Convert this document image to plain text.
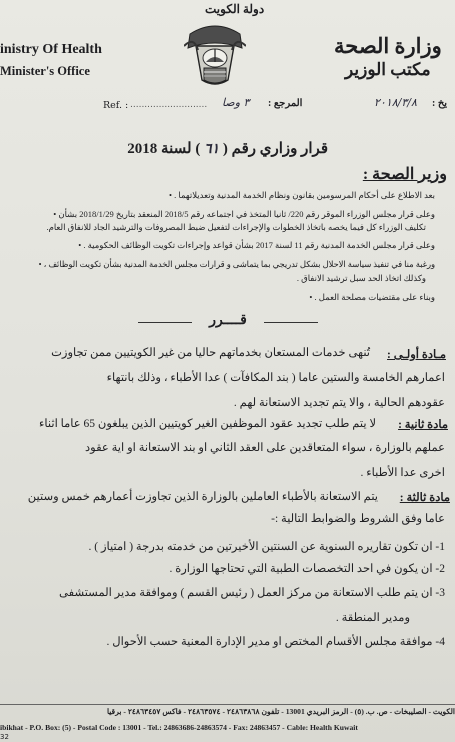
دولة الكويت
inistry Of Health
Minister's Office
وزارة الصحة
مكتب الوزير
Ref. : ...........................	المرجع :
٣ وصا	يخ :
٢٠١٨/٣/٨
قرار وزاري رقم ( ٦١ ) لسنة 2018
وزير الصحة :
بعد الاطلاع على أحكام المرسومين بقانون ونظام الخدمة المدنية وتعديلاتهما . •
وعلى قرار مجلس الوزراء الموقر رقم 220/ ثانيا المتخذ في اجتماعه رقم 2018/5 المنعقد بتاريخ 2018/1/29 بشأن •
تكليف الوزراء كل فيما يخصه باتخاذ الخطوات والإجراءات لتفعيل ضبط المصروفات والترشيد الجاد للانفاق العام.
وعلى قرار مجلس الخدمة المدنية رقم 11 لسنة 2017 بشأن قواعد وإجراءات تكويت الوظائف الحكومية . •
ورغبة منا في تنفيذ سياسة الاحلال بشكل تدريجي بما يتماشى و قرارات مجلس الخدمة المدنية بشأن تكويت الوظائف ، •
وكذلك اتخاذ الحد سبل ترشيد الانفاق .
وبناء على مقتضيات مصلحة العمل . •
قــــرر
مـادة أولـى :
تُنهى خدمات المستعان بخدماتهم حاليا من غير الكويتيين ممن تجاوزت
اعمارهم الخامسة والستين عاما ( بند المكافآت ) عدا الأطباء ، وذلك بانتهاء
عقودهم الحالية ، والا يتم تجديد الاستعانة لهم .
مادة ثانية :
لا يتم طلب تجديد عقود الموظفين الغير كويتيين الذين يبلغون 65 عاما اثناء
عملهم بالوزارة ، سواء المتعاقدين على العقد الثاني او بند الاستعانة او اية عقود
اخرى عدا الأطباء .
مادة ثالثة :
يتم الاستعانة بالأطباء العاملين بالوزارة الذين تجاوزت أعمارهم خمس وستين
عاما وفق الشروط والضوابط التالية :-
1- ان تكون تقاريره السنوية عن السنتين الأخيرتين من خدمته بدرجة ( امتياز ) .
2- ان يكون في احد التخصصات الطبية التي تحتاجها الوزارة .
3- ان يتم طلب الاستعانة من مركز العمل ( رئيس القسم ) وموافقة مدير المستشفى
ومدير المنطقة .
4- موافقة مجلس الأقسام المختص او مدير الإدارة المعنية حسب الأحوال .
الكويت - الصليبخات - ص. ب. (٥) - الرمز البريدي 13001 - تلفون ٢٤٨٦٣٨٦٨ - ٢٤٨٦٣٥٧٤ - فاكس ٢٤٨٦٣٤٥٧ - برقيا
ibikhat - P.O. Box: (5) - Postal Code : 13001 - Tel.: 24863686-24863574 - Fax: 24863457 - Cable: Health Kuwait
32
